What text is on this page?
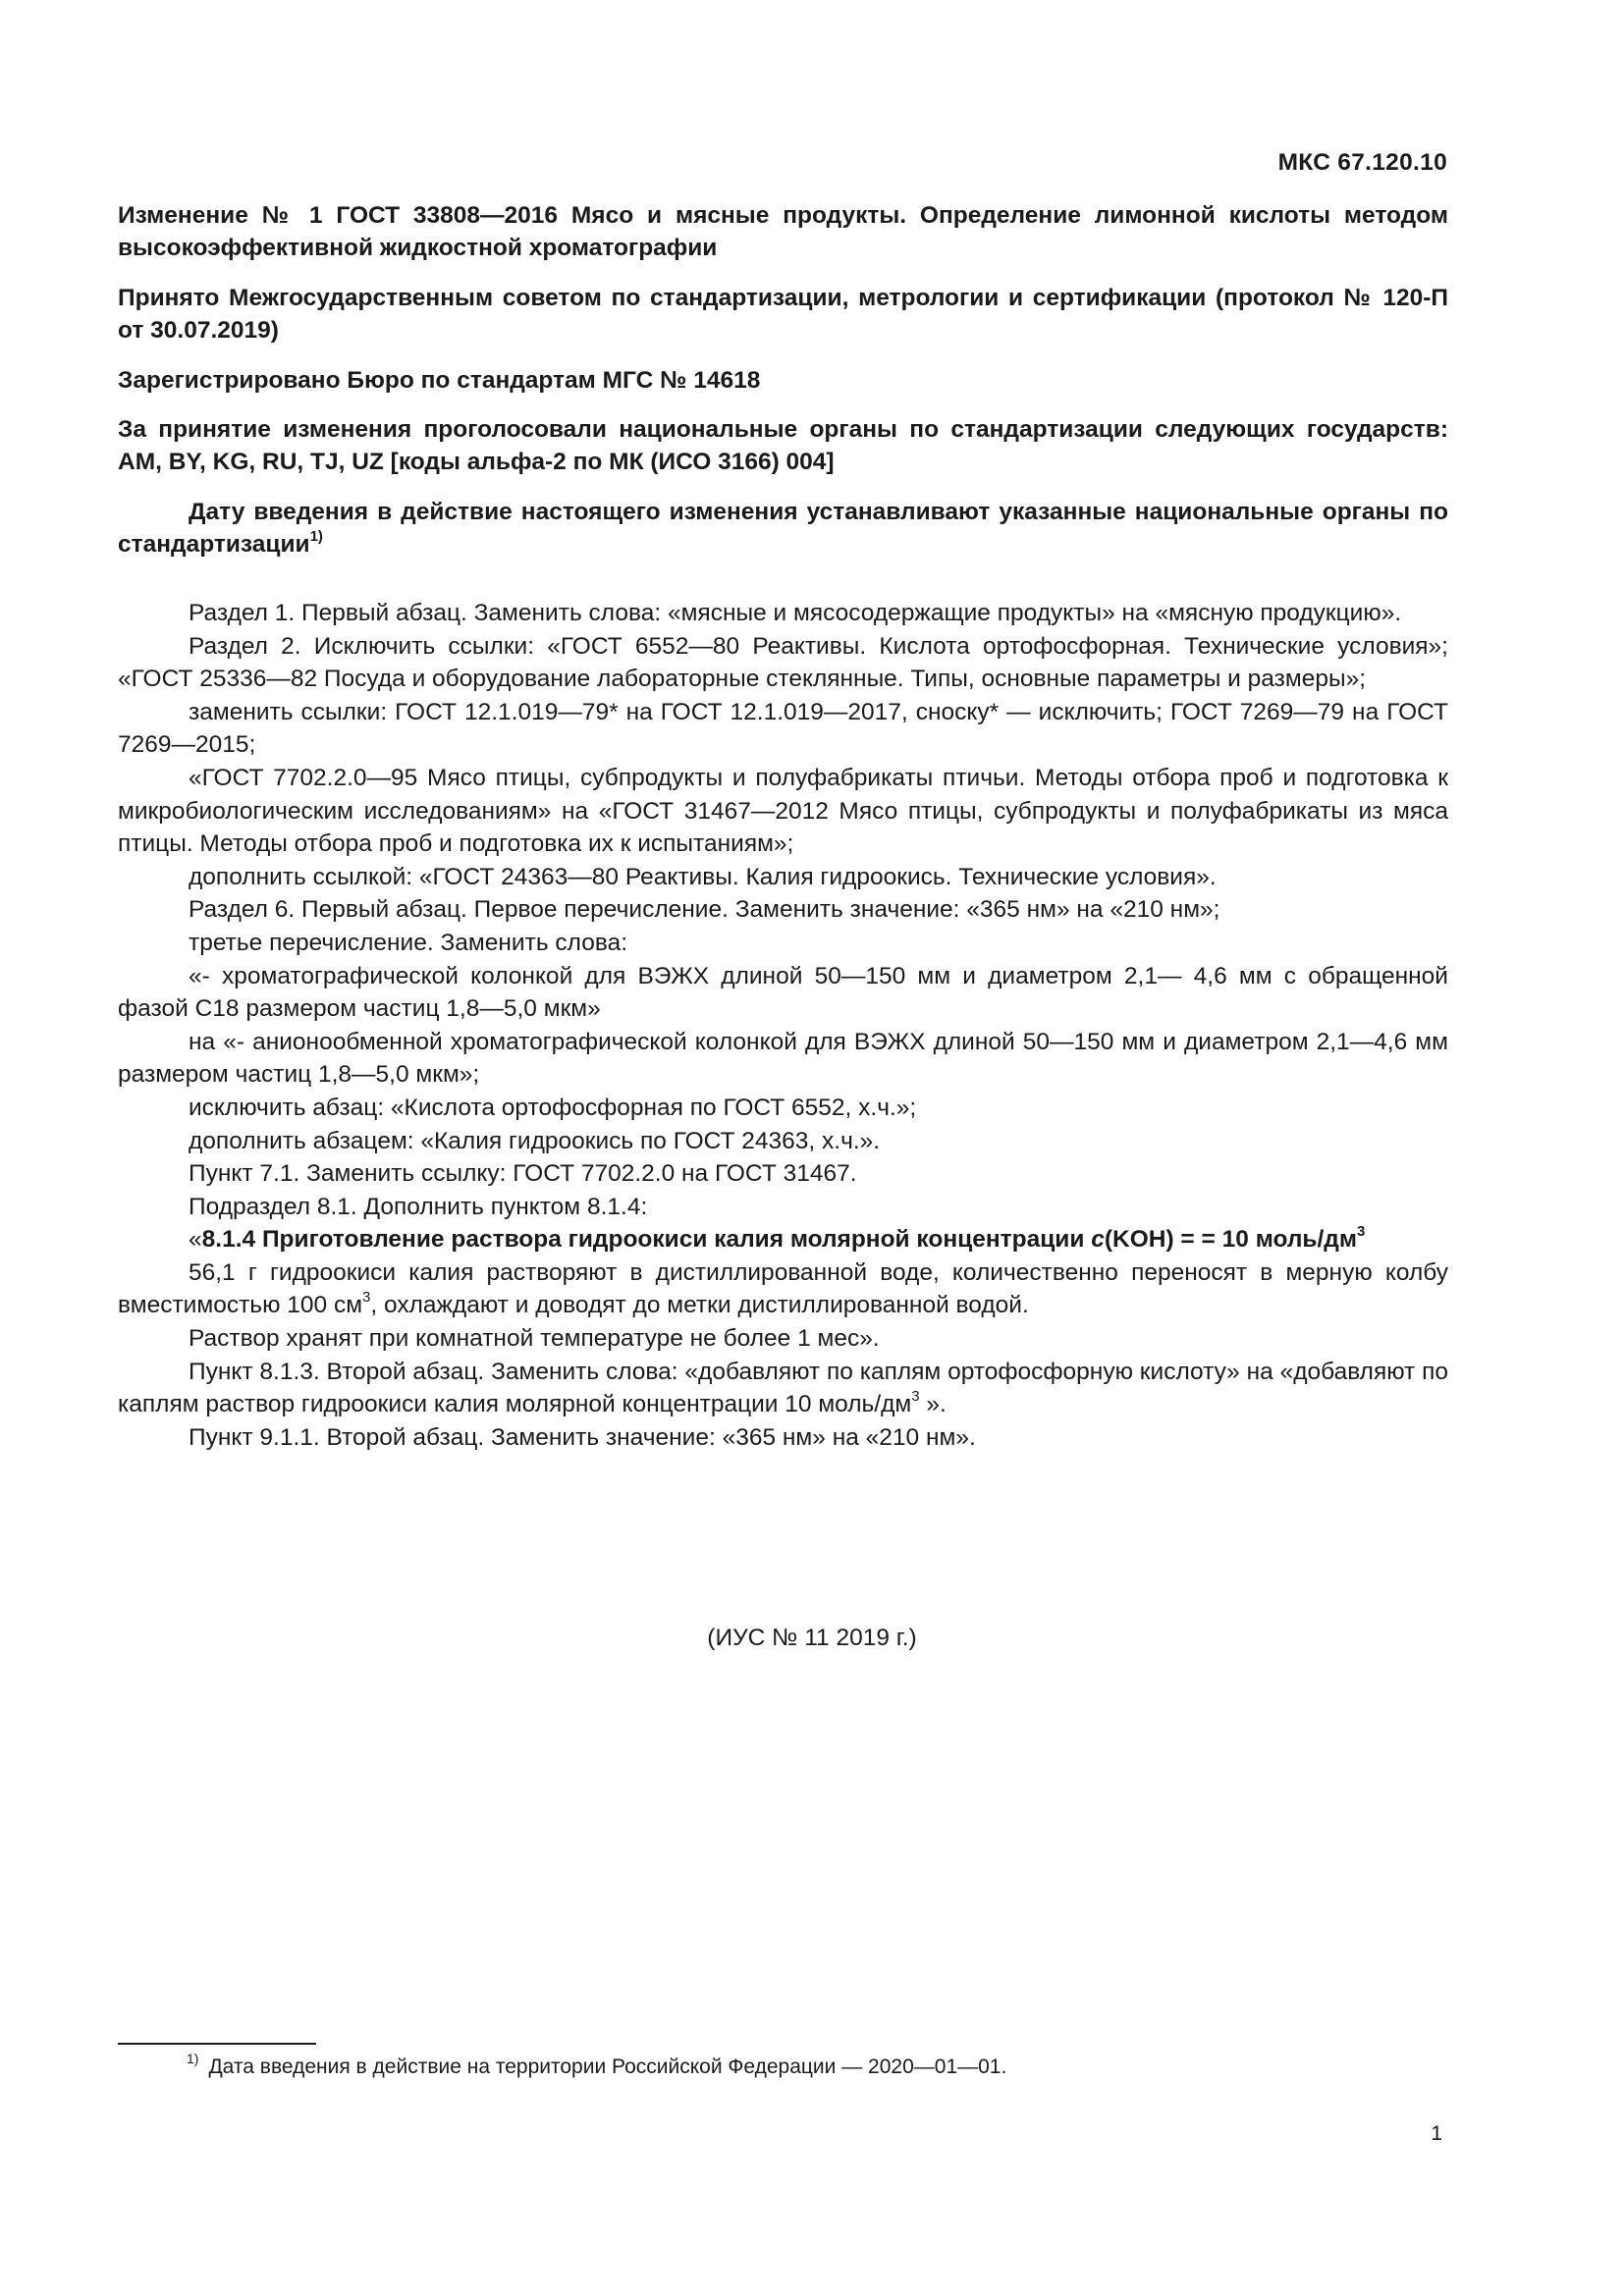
МКС 67.120.10
Изменение № 1 ГОСТ 33808—2016 Мясо и мясные продукты. Определение лимонной кислоты методом высокоэффективной жидкостной хроматографии
Принято Межгосударственным советом по стандартизации, метрологии и сертификации (протокол № 120-П от 30.07.2019)
Зарегистрировано Бюро по стандартам МГС № 14618
За принятие изменения проголосовали национальные органы по стандартизации следующих государств: AM, BY, KG, RU, TJ, UZ [коды альфа-2 по МК (ИСО 3166) 004]
Дату введения в действие настоящего изменения устанавливают указанные национальные органы по стандартизации$^{1)}$

Раздел 1. Первый абзац. Заменить слова: «мясные и мясосодержащие продукты» на «мясную продукцию».

Раздел 2. Исключить ссылки: «ГОСТ 6552—80 Реактивы. Кислота ортофосфорная. Технические условия»; «ГОСТ 25336—82 Посуда и оборудование лабораторные стеклянные. Типы, основные параметры и размеры»;

заменить ссылки: ГОСТ 12.1.019—79* на ГОСТ 12.1.019—2017, сноску* — исключить; ГОСТ 7269—79 на ГОСТ 7269—2015;

«ГОСТ 7702.2.0—95 Мясо птицы, субпродукты и полуфабрикаты птичьи. Методы отбора проб и подготовка к микробиологическим исследованиям» на «ГОСТ 31467—2012 Мясо птицы, субпродукты и полуфабрикаты из мяса птицы. Методы отбора проб и подготовка их к испытаниям»;

дополнить ссылкой: «ГОСТ 24363—80 Реактивы. Калия гидроокись. Технические условия».

Раздел 6. Первый абзац. Первое перечисление. Заменить значение: «365 нм» на «210 нм»;

третье перечисление. Заменить слова:

«- хроматографической колонкой для ВЭЖХ длиной 50—150 мм и диаметром 2,1— 4,6 мм с обращенной фазой С18 размером частиц 1,8—5,0 мкм»

на «- анионообменной хроматографической колонкой для ВЭЖХ длиной 50—150 мм и диаметром 2,1—4,6 мм размером частиц 1,8—5,0 мкм»;

исключить абзац: «Кислота ортофосфорная по ГОСТ 6552, х.ч.»;

дополнить абзацем: «Калия гидроокись по ГОСТ 24363, х.ч.».

Пункт 7.1. Заменить ссылку: ГОСТ 7702.2.0 на ГОСТ 31467.

Подраздел 8.1. Дополнить пунктом 8.1.4:

«8.1.4 Приготовление раствора гидроокиси калия молярной концентрации с(KOH) = = 10 моль/$дм^3$

56,1 г гидроокиси калия растворяют в дистиллированной воде, количественно переносят в мерную колбу вместимостью 100 $см^3$, охлаждают и доводят до метки дистиллированной водой.

Раствор хранят при комнатной температуре не более 1 мес».

Пункт 8.1.3. Второй абзац. Заменить слова: «добавляют по каплям ортофосфорную кислоту» на «добавляют по каплям раствор гидроокиси калия молярной концентрации 10 моль/$дм^3$ ».

Пункт 9.1.1. Второй абзац. Заменить значение: «365 нм» на «210 нм».

(ИУС № 11 2019 г.)
$^{1)}$ Дата введения в действие на территории Российской Федерации — 2020—01—01.
1
